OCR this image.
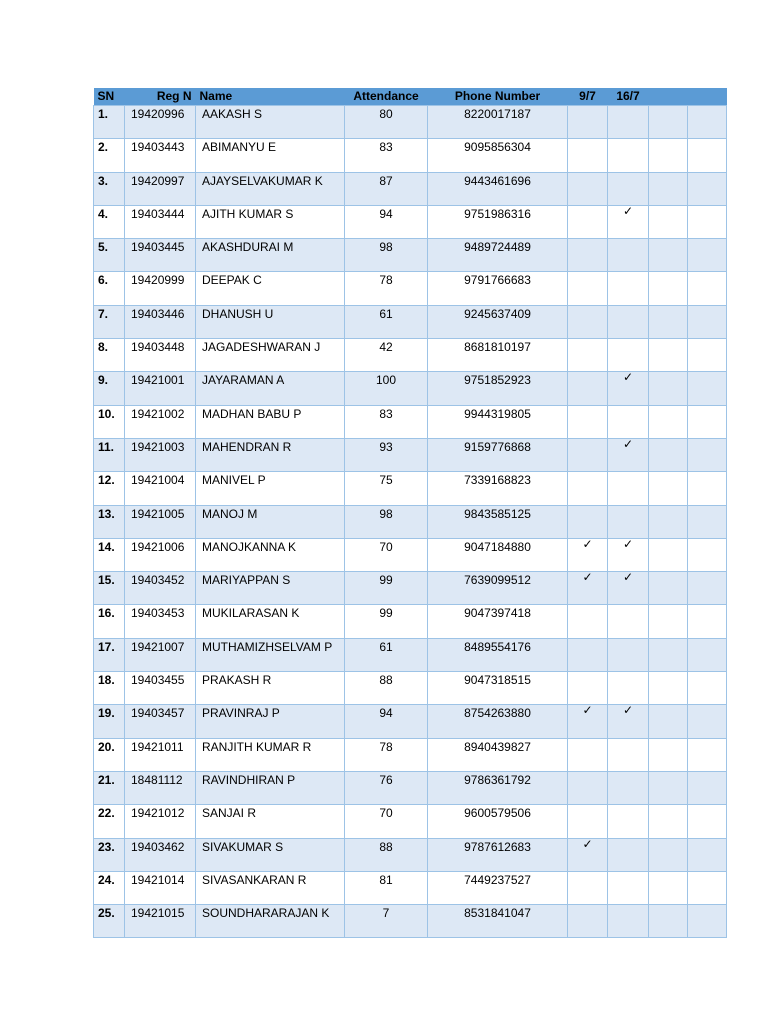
SN	Reg N	Name	Attendance	Phone Number	9/7	16/7		
1.	19420996	AAKASH S	80	8220017187				
2.	19403443	ABIMANYU E	83	9095856304				
3.	19420997	AJAYSELVAKUMAR K	87	9443461696				
4.	19403444	AJITH KUMAR S	94	9751986316		✓		
5.	19403445	AKASHDURAI M	98	9489724489				
6.	19420999	DEEPAK C	78	9791766683				
7.	19403446	DHANUSH U	61	9245637409				
8.	19403448	JAGADESHWARAN J	42	8681810197				
9.	19421001	JAYARAMAN A	100	9751852923		✓		
10.	19421002	MADHAN BABU P	83	9944319805				
11.	19421003	MAHENDRAN R	93	9159776868		✓		
12.	19421004	MANIVEL P	75	7339168823				
13.	19421005	MANOJ M	98	9843585125				
14.	19421006	MANOJKANNA K	70	9047184880	✓	✓		
15.	19403452	MARIYAPPAN S	99	7639099512	✓	✓		
16.	19403453	MUKILARASAN K	99	9047397418				
17.	19421007	MUTHAMIZHSELVAM P	61	8489554176				
18.	19403455	PRAKASH R	88	9047318515				
19.	19403457	PRAVINRAJ P	94	8754263880	✓	✓		
20.	19421011	RANJITH KUMAR R	78	8940439827				
21.	18481112	RAVINDHIRAN P	76	9786361792				
22.	19421012	SANJAI R	70	9600579506				
23.	19403462	SIVAKUMAR S	88	9787612683	✓			
24.	19421014	SIVASANKARAN R	81	7449237527				
25.	19421015	SOUNDHARARAJAN K	7	8531841047				
